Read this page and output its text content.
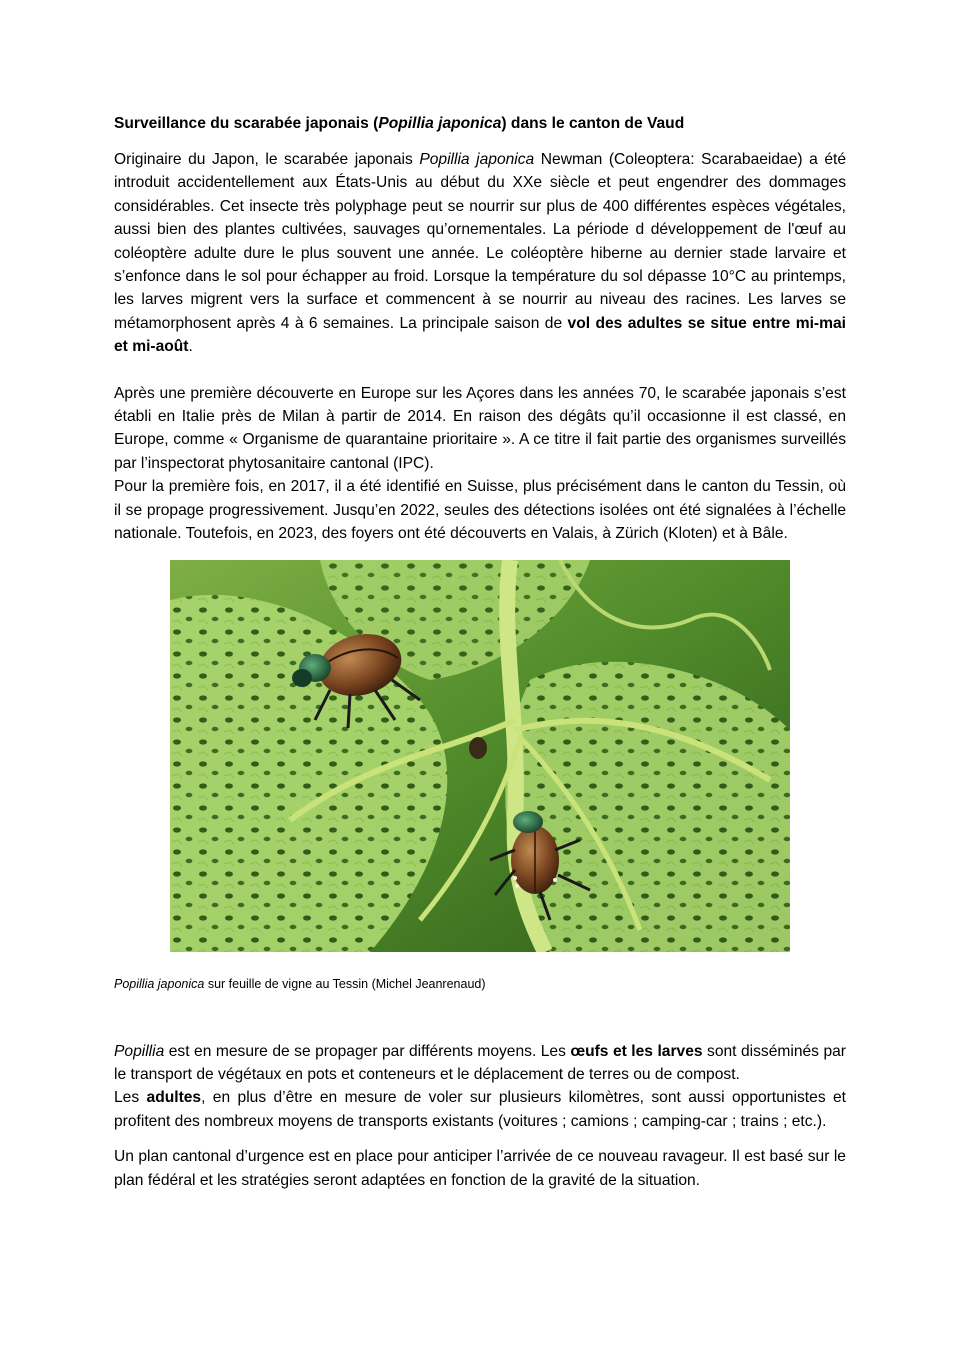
Surveillance du scarabée japonais (Popillia japonica) dans le canton de Vaud

Originaire du Japon, le scarabée japonais Popillia japonica Newman (Coleoptera: Scarabaeidae) a été introduit accidentellement aux États-Unis au début du XXe siècle et peut engendrer des dommages considérables. Cet insecte très polyphage peut se nourrir sur plus de 400 différentes espèces végétales, aussi bien des plantes cultivées, sauvages qu’ornementales. La période d développement de l'œuf au coléoptère adulte dure le plus souvent une année. Le coléoptère hiberne au dernier stade larvaire et s’enfonce dans le sol pour échapper au froid. Lorsque la température du sol dépasse 10°C au printemps, les larves migrent vers la surface et commencent à se nourrir au niveau des racines. Les larves se métamorphosent après 4 à 6 semaines. La principale saison de vol des adultes se situe entre mi-mai et mi-août.

Après une première découverte en Europe sur les Açores dans les années 70, le scarabée japonais s’est établi en Italie près de Milan à partir de 2014. En raison des dégâts qu’il occasionne il est classé, en Europe, comme « Organisme de quarantaine prioritaire ». A ce titre il fait partie des organismes surveillés par l’inspectorat phytosanitaire cantonal (IPC).

Pour la première fois, en 2017, il a été identifié en Suisse, plus précisément dans le canton du Tessin, où il se propage progressivement. Jusqu’en 2022, seules des détections isolées ont été signalées à l’échelle nationale. Toutefois, en 2023, des foyers ont été découverts en Valais, à Zürich (Kloten) et à Bâle.

Popillia japonica sur feuille de vigne au Tessin (Michel Jeanrenaud)

Popillia est en mesure de se propager par différents moyens. Les œufs et les larves sont disséminés par le transport de végétaux en pots et conteneurs et le déplacement de terres ou de compost.

Les adultes, en plus d’être en mesure de voler sur plusieurs kilomètres, sont aussi opportunistes et profitent des nombreux moyens de transports existants (voitures ; camions ; camping-car ; trains ; etc.).

Un plan cantonal d’urgence est en place pour anticiper l’arrivée de ce nouveau ravageur. Il est basé sur le plan fédéral et les stratégies seront adaptées en fonction de la gravité de la situation.
